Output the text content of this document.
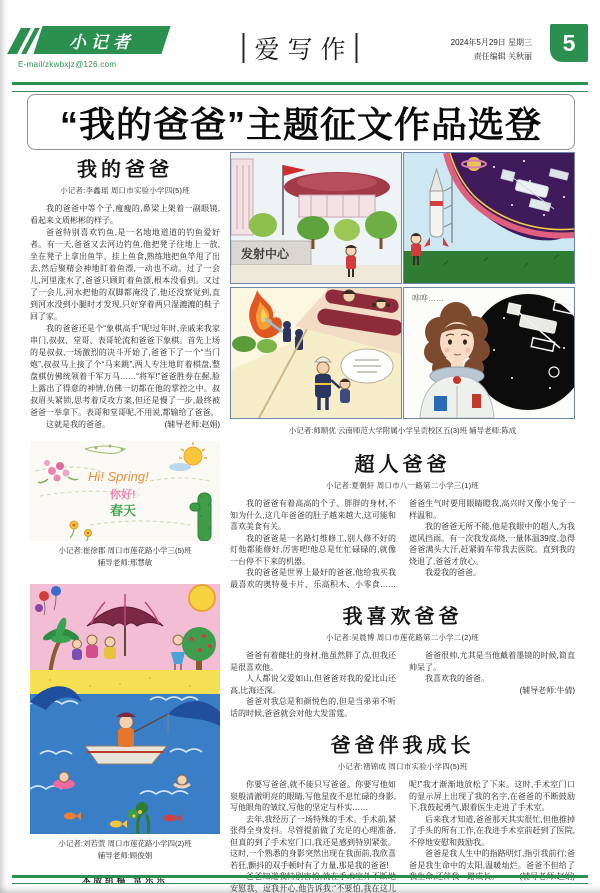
小记者
E-mail/zkwbxjz@126.com
爱写作	2024年5月29日 星期三
责任编辑 关秋丽
5
“我的爸爸”主题征文作品选登
我的爸爸
小记者:李鑫瑶 周口市实验小学四(5)班

我的爸爸中等个子,瘦瘦的,鼻梁上架着一副眼镜,看起来文质彬彬的样子。

爸爸特别喜欢钓鱼,是一名地地道道的钓鱼爱好者。有一天,爸爸又去河边钓鱼,他把凳子往地上一放,坐在凳子上拿出鱼竿、挂上鱼食,熟练地把鱼竿甩了出去,然后聚精会神地盯着鱼漂,一动也不动。过了一会儿,河里涨水了,爸爸只顾盯着鱼漂,根本没看到。又过了一会儿,河水把他的双脚都淹没了,他还没察觉到,直到河水没到小腿时才发现,只好穿着两只湿漉漉的鞋子回了家。

我的爸爸还是个“象棋高手”呢!过年时,亲戚来我家串门,叔叔、堂哥、表哥轮流和爸爸下象棋。首先上场的是叔叔,一场激烈的决斗开始了,爸爸下了一个“当门炮”,叔叔马上接了个“马来跳”,两人专注地盯着棋盘,整盘棋仿佛统领着千军万马……“将军!”爸爸胜券在握,脸上露出了得意的神情,仿佛一切都在他的掌控之中。叔叔眉头紧锁,思考着反攻方案,但还是慢了一步,最终被爸爸一举拿下。表哥和堂哥呢,不用说,都输给了爸爸。

这就是我的爸爸。	(辅导老师:赵娟)
Hi! Spring!
你好!
春天
小记者:崔徐郡 周口市莲花路小学三(5)班
辅导老师:邢慧敏
小记者:刘若萱 周口市莲花路小学四(2)班
辅导老师:顾俊娟
本版组稿 常乐乐
发射中心
哗哗……
小记者:师顺优 云南师范大学附属小学呈贡校区五(3)班 辅导老师:陈成
超人爸爸
小记者:夏朝轩 周口市八一路第二小学三(1)班

我的爸爸有着高高的个子、胖胖的身材,不知为什么,这几年爸爸的肚子越来越大,这可能和喜欢美食有关。

我的爸爸是一名路灯维修工,别人修不好的灯他都能修好,厉害吧!他总是忙忙碌碌的,就像一台停不下来的机器。

我的爸爸是世界上最好的爸爸,他给我买我最喜欢的奥特曼卡片、乐高积木、小零食……爸爸生气时要用眼睛瞪我,高兴时又像小兔子一样温和。

我的爸爸无所不能,他是我眼中的超人,为我遮风挡雨。有一次我发高烧,一量体温39度,急得爸爸满头大汗,赶紧骑车带我去医院。直到我的烧退了,爸爸才放心。

我爱我的爸爸。

我喜欢爸爸
小记者:吴晨博 周口市莲花路第二小学二(2)班

爸爸有着健壮的身材,他虽然胖了点,但我还是很喜欢他。

人人都说父爱如山,但爸爸对我的爱比山还高,比海还深。

爸爸对我总是和颜悦色的,但是当弟弟不听话的时候,爸爸就会对他大发雷霆。

爸爸很帅,尤其是当他戴着墨镜的时候,简直帅呆了。

我喜欢我的爸爸。

(辅导老师:牛倩)
爸爸伴我成长
小记者:褚锦成 周口市实验小学四(5)班

你要写爸爸,就不能只写爸爸。你要写他如泉般清澈明亮的眼睛,写他星夜不息忙碌的身影,写他眼角的皱纹,写他的坚定与朴实……

去年,我经历了一场特殊的手术。手术前,紧张得全身发抖。尽管提前做了充足的心理准备,但真的到了手术室门口,我还是感到特别紧张。这时,一个熟悉的身影突然出现在我面前,我欣喜若狂,颤抖的双手顿时有了力量,那是我的爸爸!

爸爸知道我特别害怕,就在手术室外不断地安慰我、逗我开心,他告诉我:“不要怕,我在这儿呢!”我才渐渐地放松了下来。这时,手术室门口的显示屏上出现了我的名字,在爸爸的不断鼓励下,我鼓起勇气,跟着医生走进了手术室。

后来我才知道,爸爸那天其实很忙,但他推掉了手头的所有工作,在我进手术室前赶到了医院,不停地安慰和鼓励我。

爸爸是我人生中的指路明灯,指引我前行;爸爸是我生命中的太阳,温暖灿烂。爸爸不但给了我生命,还伴我一路成长。	(辅导老师:赵娟)
